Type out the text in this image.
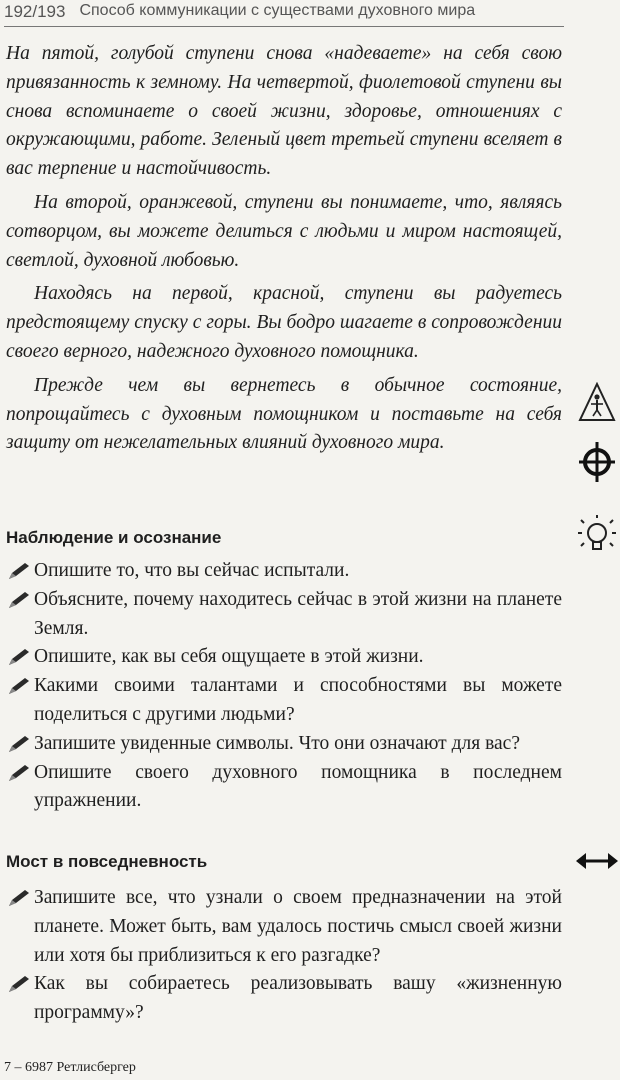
192/193 Способ коммуникации с существами духовного мира

На пятой, голубой ступени снова «надеваете» на себя свою привязанность к земному. На четвертой, фиолетовой ступени вы снова вспоминаете о своей жизни, здоровье, отношениях с окружающими, работе. Зеленый цвет третьей ступени вселяет в вас терпение и настойчивость.

На второй, оранжевой, ступени вы понимаете, что, являясь сотворцом, вы можете делиться с людьми и миром настоящей, светлой, духовной любовью.

Находясь на первой, красной, ступени вы радуетесь предстоящему спуску с горы. Вы бодро шагаете в сопровождении своего верного, надежного духовного помощника.

Прежде чем вы вернетесь в обычное состояние, попрощайтесь с духовным помощником и поставьте на себя защиту от нежелательных влияний духовного мира.

Наблюдение и осознание
Опишите то, что вы сейчас испытали.
Объясните, почему находитесь сейчас в этой жизни на планете Земля.
Опишите, как вы себя ощущаете в этой жизни.
Какими своими талантами и способностями вы можете поделиться с другими людьми?
Запишите увиденные символы. Что они означают для вас?
Опишите своего духовного помощника в последнем упражнении.
Мост в повседневность
Запишите все, что узнали о своем предназначении на этой планете. Может быть, вам удалось постичь смысл своей жизни или хотя бы приблизиться к его разгадке?
Как вы собираетесь реализовывать вашу «жизненную программу»?
7 – 6987 Ретлисбергер
